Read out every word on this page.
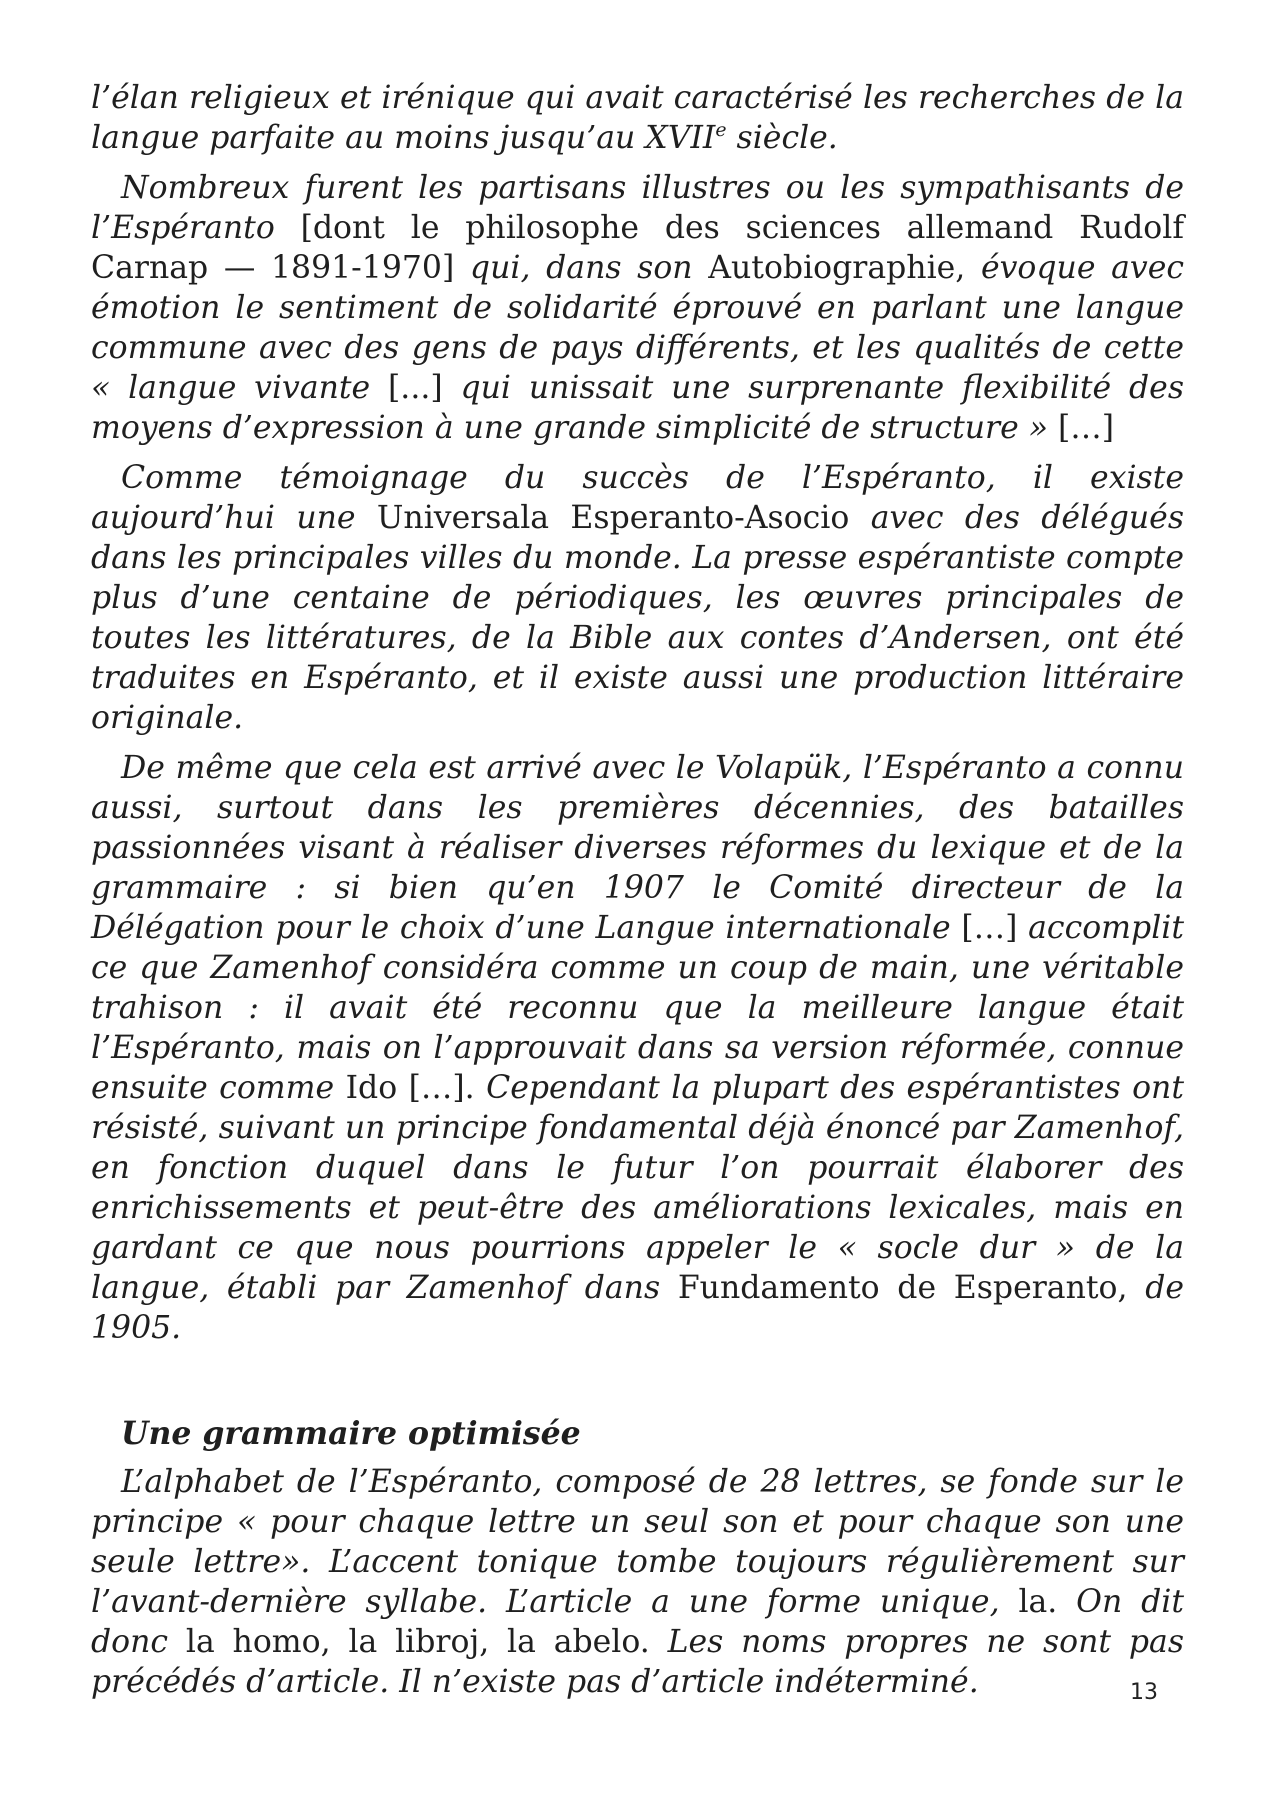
l’élan religieux et irénique qui avait caractérisé les recherches de la langue parfaite au moins jusqu’au XVIIe siècle.

Nombreux furent les partisans illustres ou les sympathisants de l’Espéranto [dont le philosophe des sciences allemand Rudolf Carnap — 1891-1970] qui, dans son Autobiographie, évoque avec émotion le sentiment de solidarité éprouvé en parlant une langue commune avec des gens de pays différents, et les qualités de cette « langue vivante [...] qui unissait une surprenante flexibilité des moyens d’expression à une grande simplicité de structure » […]

Comme témoignage du succès de l’Espéranto, il existe aujourd’hui une Universala Esperanto-Asocio avec des délégués dans les principales villes du monde. La presse espérantiste compte plus d’une centaine de périodiques, les œuvres principales de toutes les littératures, de la Bible aux contes d’Andersen, ont été traduites en Espéranto, et il existe aussi une production littéraire originale.

De même que cela est arrivé avec le Volapük, l’Espéranto a connu aussi, surtout dans les premières décennies, des batailles passionnées visant à réaliser diverses réformes du lexique et de la grammaire : si bien qu’en 1907 le Comité directeur de la Délégation pour le choix d’une Langue internationale […] accomplit ce que Zamenhof considéra comme un coup de main, une véritable trahison : il avait été reconnu que la meilleure langue était l’Espéranto, mais on l’approuvait dans sa version réformée, connue ensuite comme Ido […]. Cependant la plupart des espérantistes ont résisté, suivant un principe fondamental déjà énoncé par Zamenhof, en fonction duquel dans le futur l’on pourrait élaborer des enrichissements et peut-être des améliorations lexicales, mais en gardant ce que nous pourrions appeler le « socle dur » de la langue, établi par Zamenhof dans Fundamento de Esperanto, de 1905.

Une grammaire optimisée

L’alphabet de l’Espéranto, composé de 28 lettres, se fonde sur le principe « pour chaque lettre un seul son et pour chaque son une seule lettre». L’accent tonique tombe toujours régulièrement sur l’avant-dernière syllabe. L’article a une forme unique, la. On dit donc la homo, la libroj, la abelo. Les noms propres ne sont pas précédés d’article. Il n’existe pas d’article indéterminé.	13
